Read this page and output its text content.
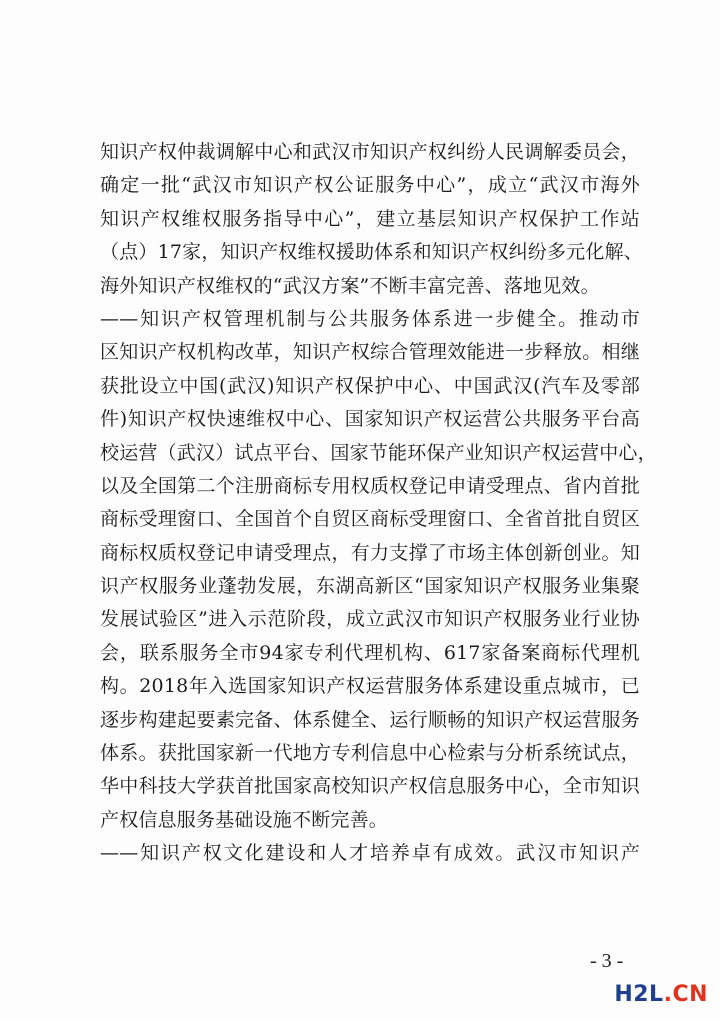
知识产权仲裁调解中心和武汉市知识产权纠纷人民调解委员会，
确定一批“武汉市知识产权公证服务中心”，成立“武汉市海外
知识产权维权服务指导中心”，建立基层知识产权保护工作站
（点）17家，知识产权维权援助体系和知识产权纠纷多元化解、
海外知识产权维权的“武汉方案”不断丰富完善、落地见效。
——知识产权管理机制与公共服务体系进一步健全。推动市
区知识产权机构改革，知识产权综合管理效能进一步释放。相继
获批设立中国(武汉)知识产权保护中心、中国武汉(汽车及零部
件)知识产权快速维权中心、国家知识产权运营公共服务平台高
校运营（武汉）试点平台、国家节能环保产业知识产权运营中心，
以及全国第二个注册商标专用权质权登记申请受理点、省内首批
商标受理窗口、全国首个自贸区商标受理窗口、全省首批自贸区
商标权质权登记申请受理点，有力支撑了市场主体创新创业。知
识产权服务业蓬勃发展，东湖高新区“国家知识产权服务业集聚
发展试验区”进入示范阶段，成立武汉市知识产权服务业行业协
会，联系服务全市94家专利代理机构、617家备案商标代理机
构。2018年入选国家知识产权运营服务体系建设重点城市，已
逐步构建起要素完备、体系健全、运行顺畅的知识产权运营服务
体系。获批国家新一代地方专利信息中心检索与分析系统试点，
华中科技大学获首批国家高校知识产权信息服务中心，全市知识
产权信息服务基础设施不断完善。
——知识产权文化建设和人才培养卓有成效。武汉市知识产
- 3 -
H2L.CN
